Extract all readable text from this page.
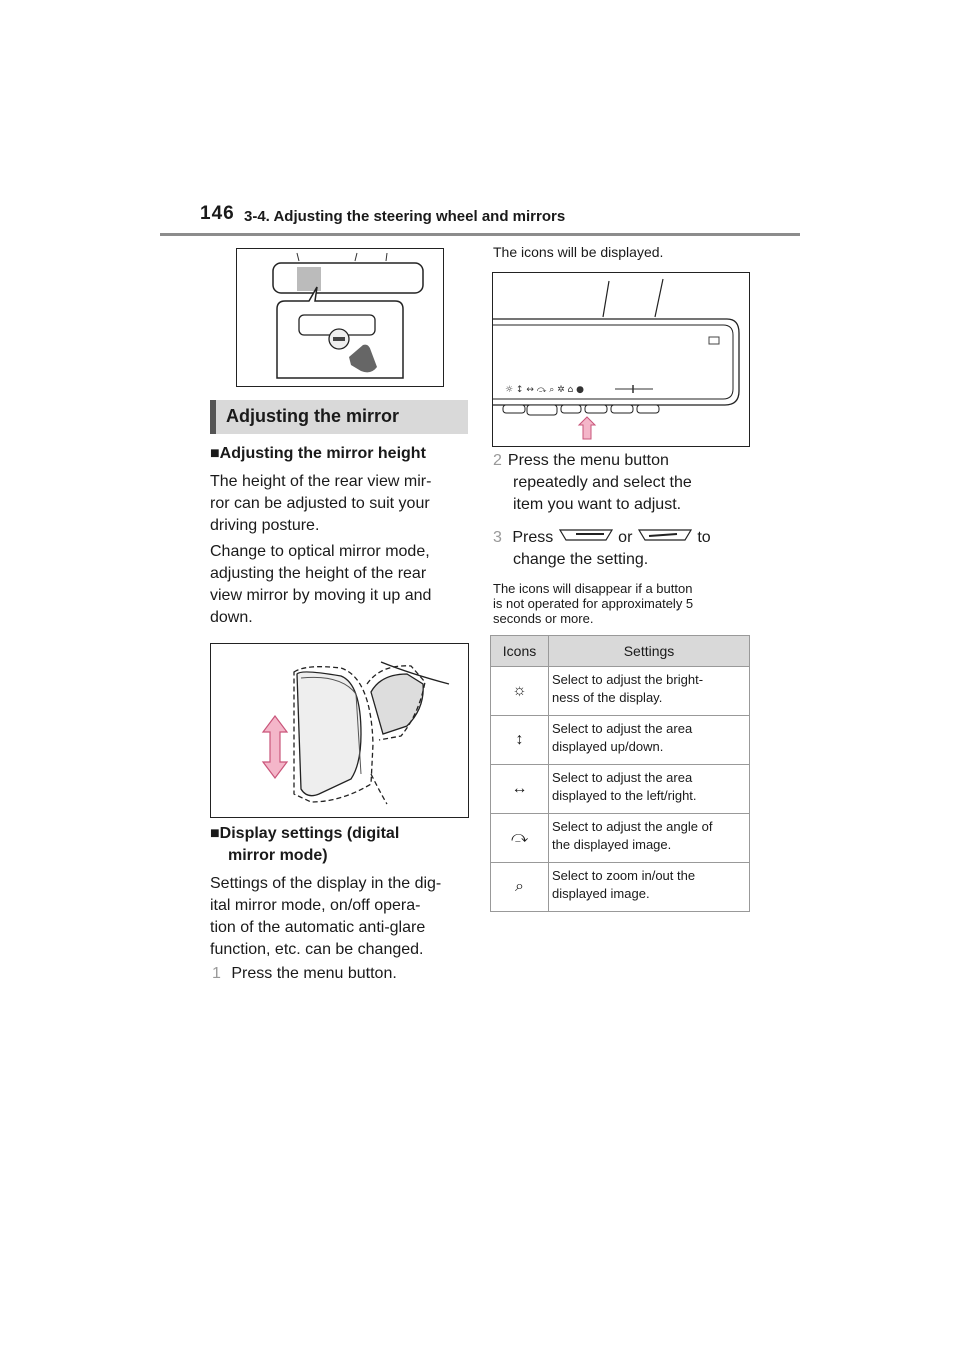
146 3-4. Adjusting the steering wheel and mirrors
Adjusting the mirror
■Adjusting the mirror height
The height of the rear view mir-
ror can be adjusted to suit your
driving posture.
Change to optical mirror mode,
adjusting the height of the rear
view mirror by moving it up and
down.
■Display settings (digital
mirror mode)
Settings of the display in the dig-
ital mirror mode, on/off opera-
tion of the automatic anti-glare
function, etc. can be changed.
1 Press the menu button.
The icons will be displayed.
☼ ↕ ↔ ⤼ ⌕ ✲ ⌂ ●
2 Press the menu button
repeatedly and select the
item you want to adjust.
3 Press	or	to
change the setting.
The icons will disappear if a button
is not operated for approximately 5
seconds or more.
Icons	Settings
☼	Select to adjust the bright-
ness of the display.

↕	Select to adjust the area
displayed up/down.

↔	Select to adjust the area
displayed to the left/right.

⤼	Select to adjust the angle of
the displayed image.

⌕	Select to zoom in/out the
displayed image.
